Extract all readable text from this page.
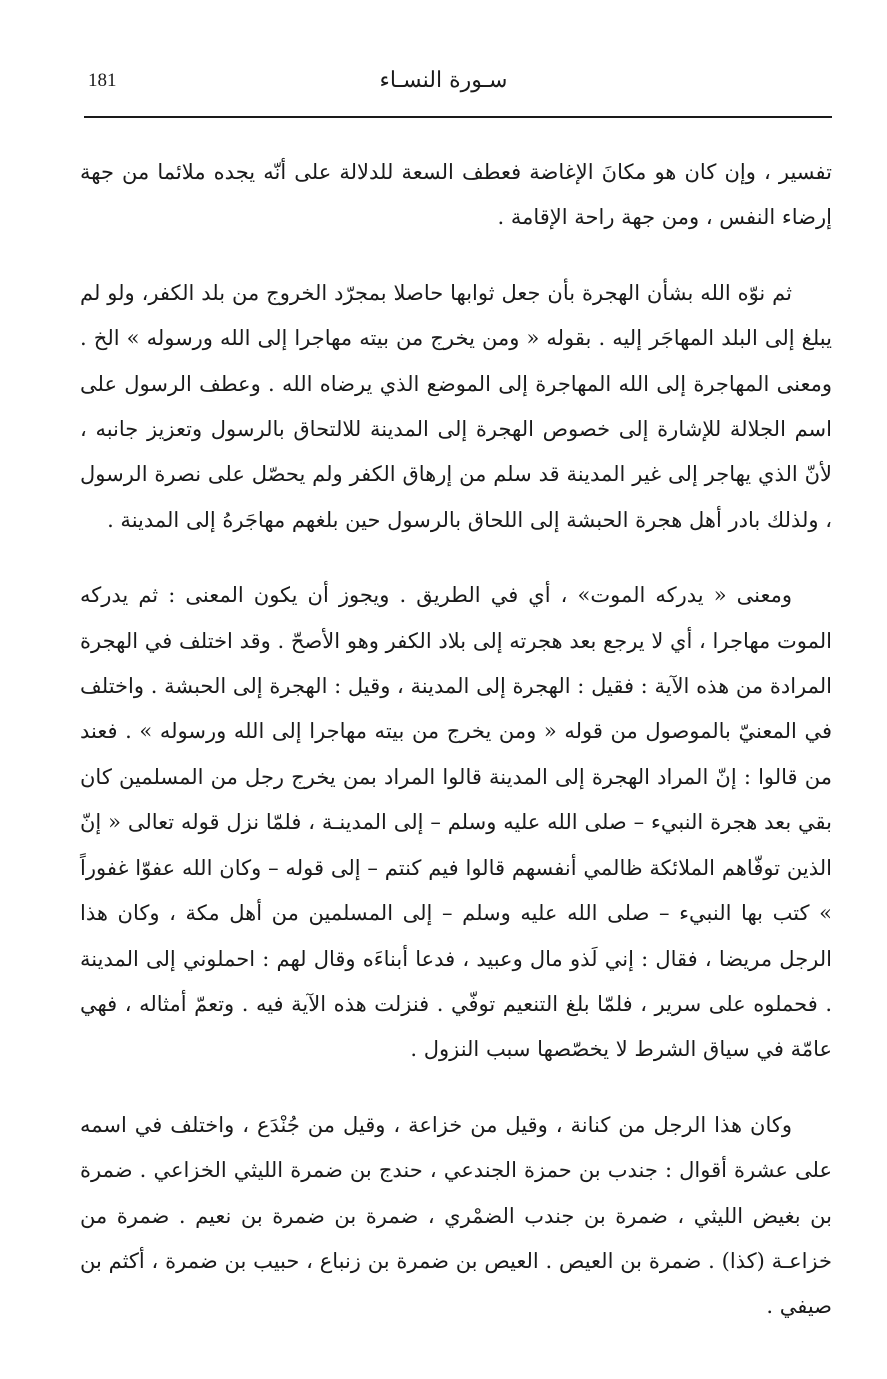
181	سـورة النسـاء

تفسير ، وإن كان هو مكانَ الإغاضة فعطف السعة للدلالة على أنّه يجده ملائما من جهة إرضاء النفس ، ومن جهة راحة الإقامة .

ثم نوّه الله بشأن الهجرة بأن جعل ثوابها حاصلا بمجرّد الخروج من بلد الكفر، ولو لم يبلغ إلى البلد المهاجَر إليه . بقوله « ومن يخرج من بيته مهاجرا إلى الله ورسوله » الخ . ومعنى المهاجرة إلى الله المهاجرة إلى الموضع الذي يرضاه الله . وعطف الرسول على اسم الجلالة للإشارة إلى خصوص الهجرة إلى المدينة للالتحاق بالرسول وتعزيز جانبه ، لأنّ الذي يهاجر إلى غير المدينة قد سلم من إرهاق الكفر ولم يحصّل على نصرة الرسول ، ولذلك بادر أهل هجرة الحبشة إلى اللحاق بالرسول حين بلغهم مهاجَرهُ إلى المدينة .

ومعنى « يدركه الموت» ، أي في الطريق . ويجوز أن يكون المعنى : ثم يدركه الموت مهاجرا ، أي لا يرجع بعد هجرته إلى بلاد الكفر وهو الأصحّ . وقد اختلف في الهجرة المرادة من هذه الآية : فقيل : الهجرة إلى المدينة ، وقيل : الهجرة إلى الحبشة . واختلف في المعنيّ بالموصول من قوله « ومن يخرج من بيته مهاجرا إلى الله ورسوله » . فعند من قالوا : إنّ المراد الهجرة إلى المدينة قالوا المراد بمن يخرج رجل من المسلمين كان بقي بعد هجرة النبيء – صلى الله عليه وسلم – إلى المدينـة ، فلمّا نزل قوله تعالى « إنّ الذين توفّاهم الملائكة ظالمي أنفسهم قالوا فيم كنتم – إلى قوله – وكان الله عفوّا غفوراً » كتب بها النبيء – صلى الله عليه وسلم – إلى المسلمين من أهل مكة ، وكان هذا الرجل مريضا ، فقال : إني لَذو مال وعبيد ، فدعا أبناءَه وقال لهم : احملوني إلى المدينة . فحملوه على سرير ، فلمّا بلغ التنعيم توفّي . فنزلت هذه الآية فيه . وتعمّ أمثاله ، فهي عامّة في سياق الشرط لا يخصّصها سبب النزول .

وكان هذا الرجل من كنانة ، وقيل من خزاعة ، وقيل من جُنْدَع ، واختلف في اسمه على عشرة أقوال : جندب بن حمزة الجندعي ، حندج بن ضمرة الليثي الخزاعي . ضمرة بن بغيض الليثي ، ضمرة بن جندب الضمْري ، ضمرة بن ضمرة بن نعيم . ضمرة من خزاعـة (كذا) . ضمرة بن العيص . العيص بن ضمرة بن زنباع ، حبيب بن ضمرة ، أكثم بن صيفي .
